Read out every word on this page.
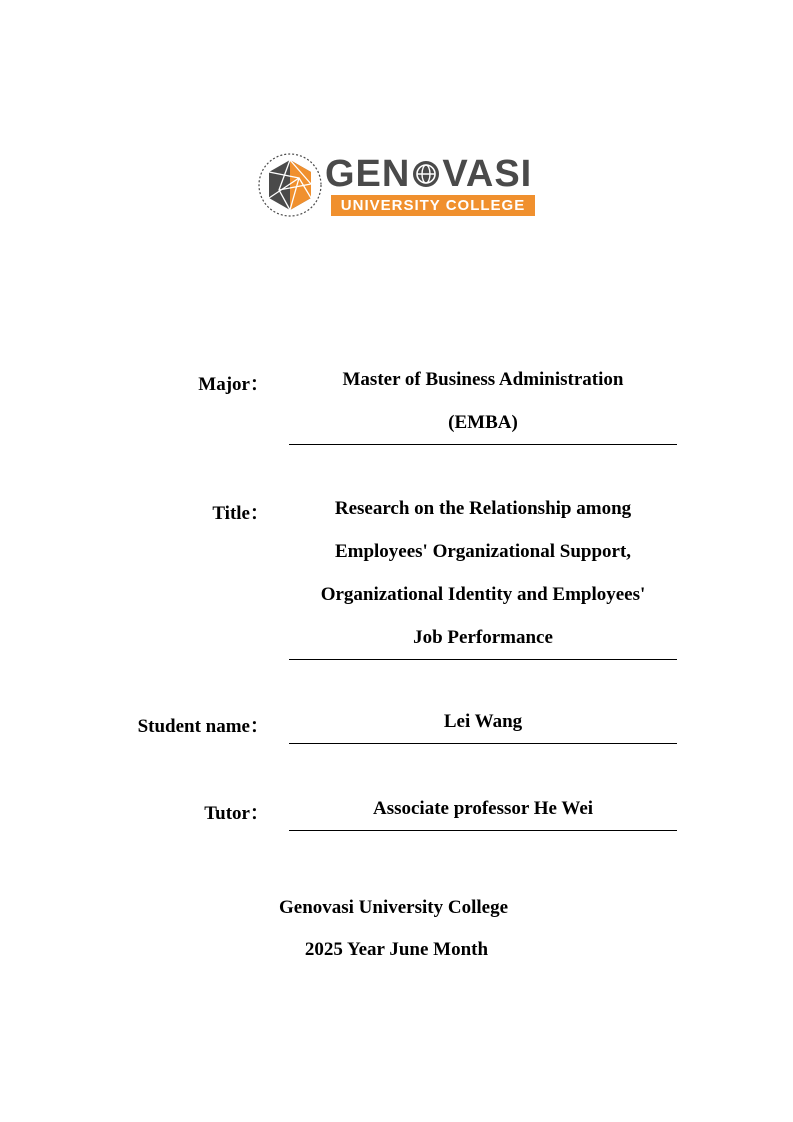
GEN VASI
UNIVERSITY COLLEGE
Major：	Master of Business Administration
(EMBA)
Title：	Research on the Relationship among
Employees' Organizational Support,
Organizational Identity and Employees'
Job Performance
Student name：	Lei Wang
Tutor：	Associate professor He Wei
Genovasi University College
2025 Year June Month
